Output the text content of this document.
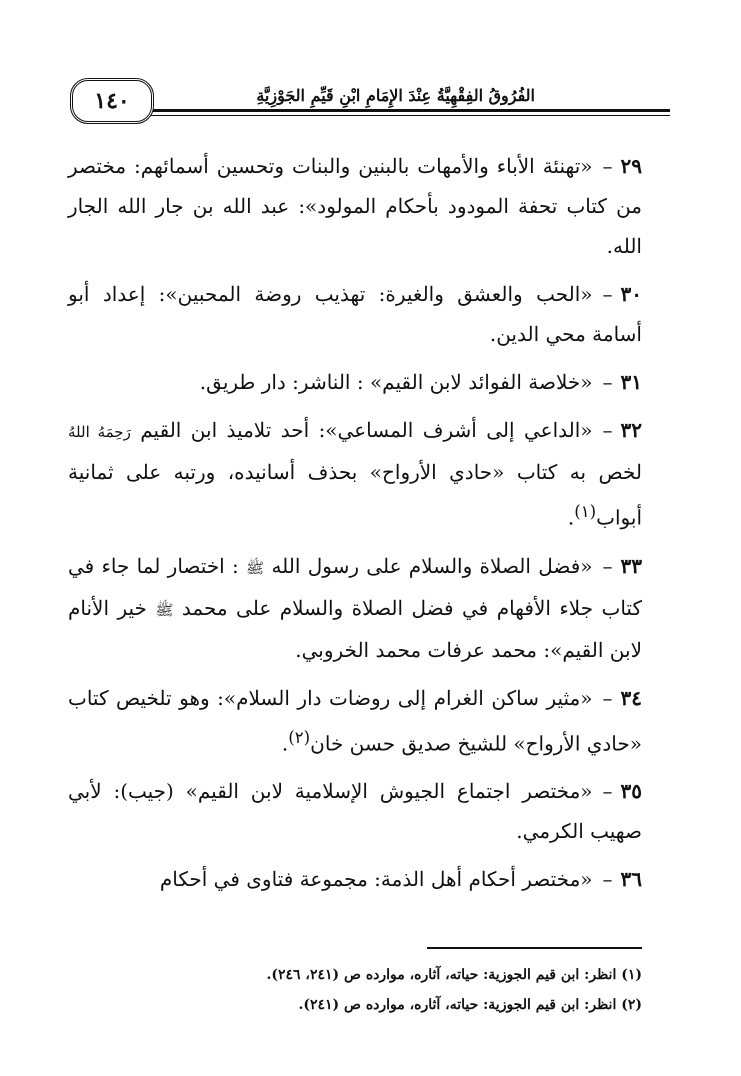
١٤٠	الفُرُوقُ الفِقْهِيَّةُ عِنْدَ الإِمَامِ ابْنِ قَيِّمِ الجَوْزِيَّةِ

٢٩–«تهنئة الأباء والأمهات بالبنين والبنات وتحسين أسمائهم: مختصر من كتاب تحفة المودود بأحكام المولود»: عبد الله بن جار الله الجار الله.

٣٠–«الحب والعشق والغيرة: تهذيب روضة المحبين»: إعداد أبو أسامة محي الدين.

٣١–«خلاصة الفوائد لابن القيم» : الناشر: دار طريق.

٣٢–«الداعي إلى أشرف المساعي»: أحد تلاميذ ابن القيم رَحِمَهُ اللهُ لخص به كتاب «حادي الأرواح» بحذف أسانيده، ورتبه على ثمانية أبواب$^{(١)}$.

٣٣–«فضل الصلاة والسلام على رسول الله ﷺ : اختصار لما جاء في كتاب جلاء الأفهام في فضل الصلاة والسلام على محمد ﷺ خير الأنام لابن القيم»: محمد عرفات محمد الخروبي.

٣٤–«مثير ساكن الغرام إلى روضات دار السلام»: وهو تلخيص كتاب «حادي الأرواح» للشيخ صديق حسن خان$^{(٢)}$.

٣٥–«مختصر اجتماع الجيوش الإسلامية لابن القيم» (جيب): لأبي صهيب الكرمي.

٣٦–«مختصر أحكام أهل الذمة: مجموعة فتاوى في أحكام

(١) انظر: ابن قيم الجوزية: حياته، آثاره، موارده ص (٢٤١، ٢٤٦).
(٢) انظر: ابن قيم الجوزية: حياته، آثاره، موارده ص (٢٤١).
